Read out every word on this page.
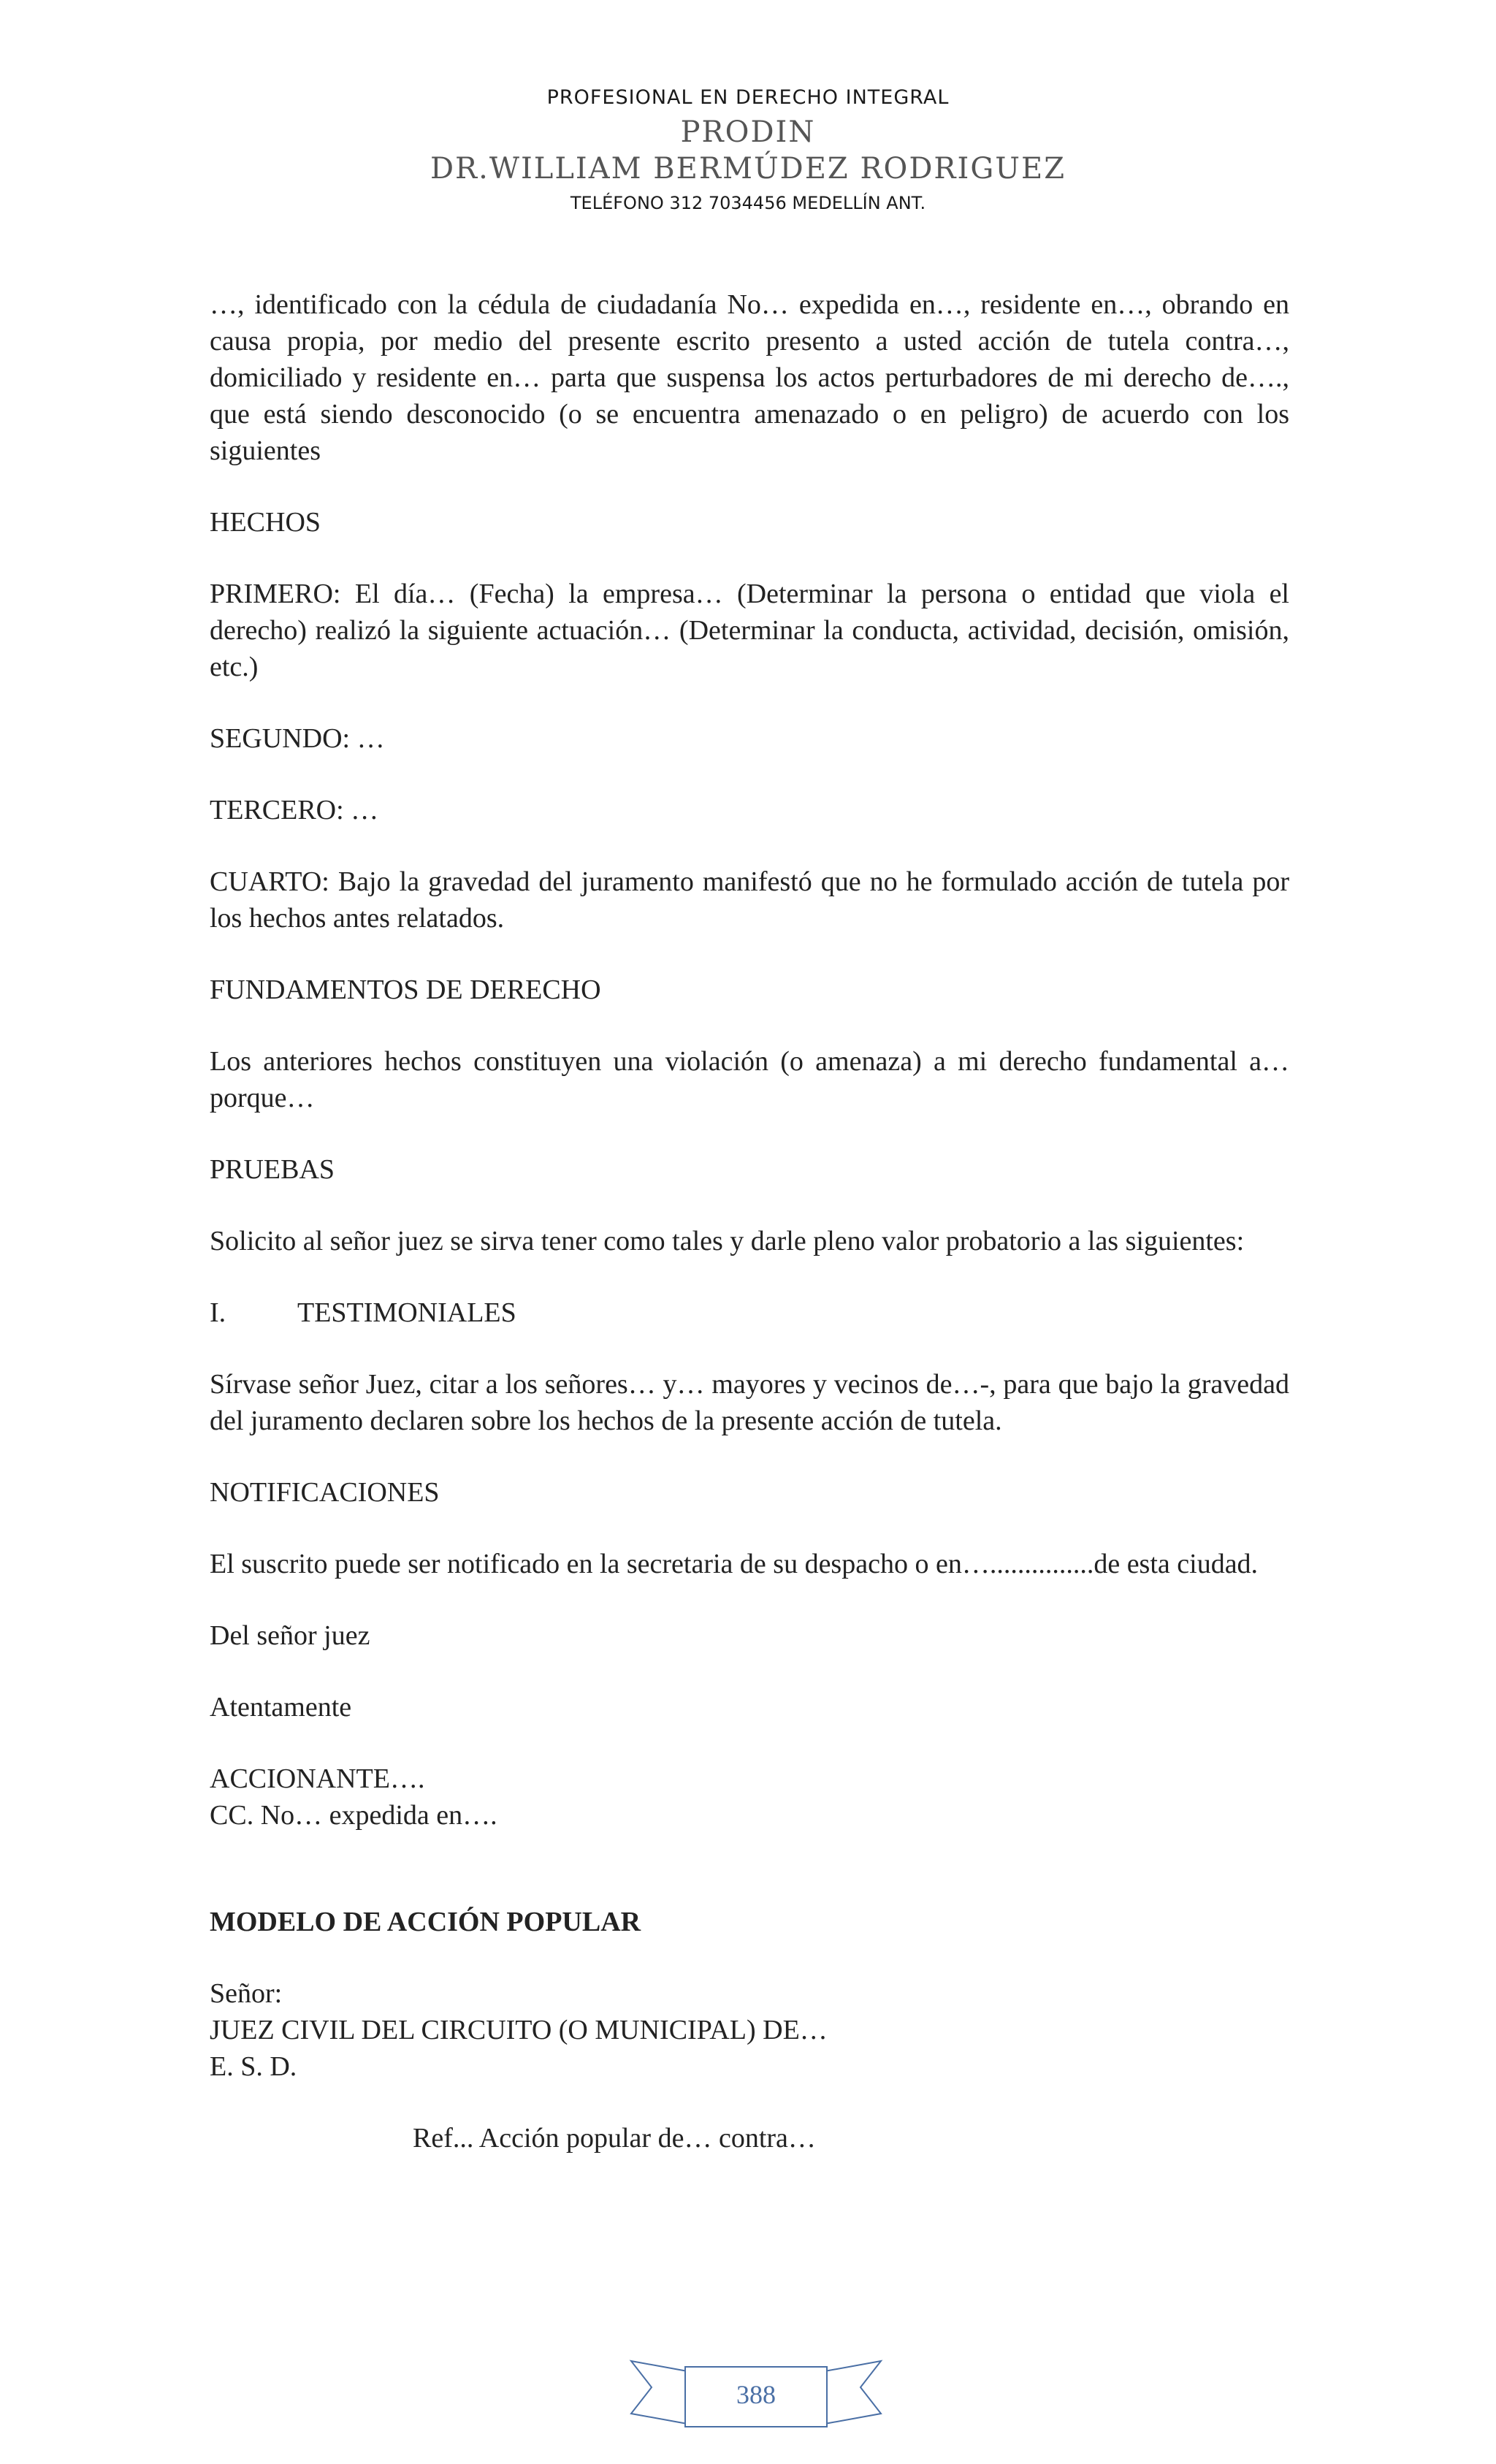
PROFESIONAL EN DERECHO INTEGRAL
PRODIN
DR.WILLIAM BERMÚDEZ RODRIGUEZ
TELÉFONO 312 7034456 MEDELLÍN ANT.

…, identificado con la cédula de ciudadanía No… expedida en…, residente en…, obrando en causa propia, por medio del presente escrito presento a usted acción de tutela contra…, domiciliado y residente en… parta que suspensa los actos perturbadores de mi derecho de…., que está siendo desconocido (o se encuentra amenazado o en peligro) de acuerdo con los siguientes

HECHOS

PRIMERO: El día… (Fecha) la empresa… (Determinar la persona o entidad que viola el derecho) realizó la siguiente actuación… (Determinar la conducta, actividad, decisión, omisión, etc.)

SEGUNDO: …

TERCERO: …

CUARTO: Bajo la gravedad del juramento manifestó que no he formulado acción de tutela por los hechos antes relatados.

FUNDAMENTOS DE DERECHO

Los anteriores hechos constituyen una violación (o amenaza) a mi derecho fundamental a… porque…

PRUEBAS

Solicito al señor juez se sirva tener como tales y darle pleno valor probatorio a las siguientes:

I.	TESTIMONIALES

Sírvase señor Juez, citar a los señores… y… mayores y vecinos de…-, para que bajo la gravedad del juramento declaren sobre los hechos de la presente acción de tutela.

NOTIFICACIONES

El suscrito puede ser notificado en la secretaria de su despacho o en…...............de esta ciudad.

Del señor juez

Atentamente

ACCIONANTE….

CC. No… expedida en….

MODELO DE ACCIÓN POPULAR

Señor:

JUEZ CIVIL DEL CIRCUITO (O MUNICIPAL) DE…

E. S. D.

Ref... Acción popular de… contra…

388
